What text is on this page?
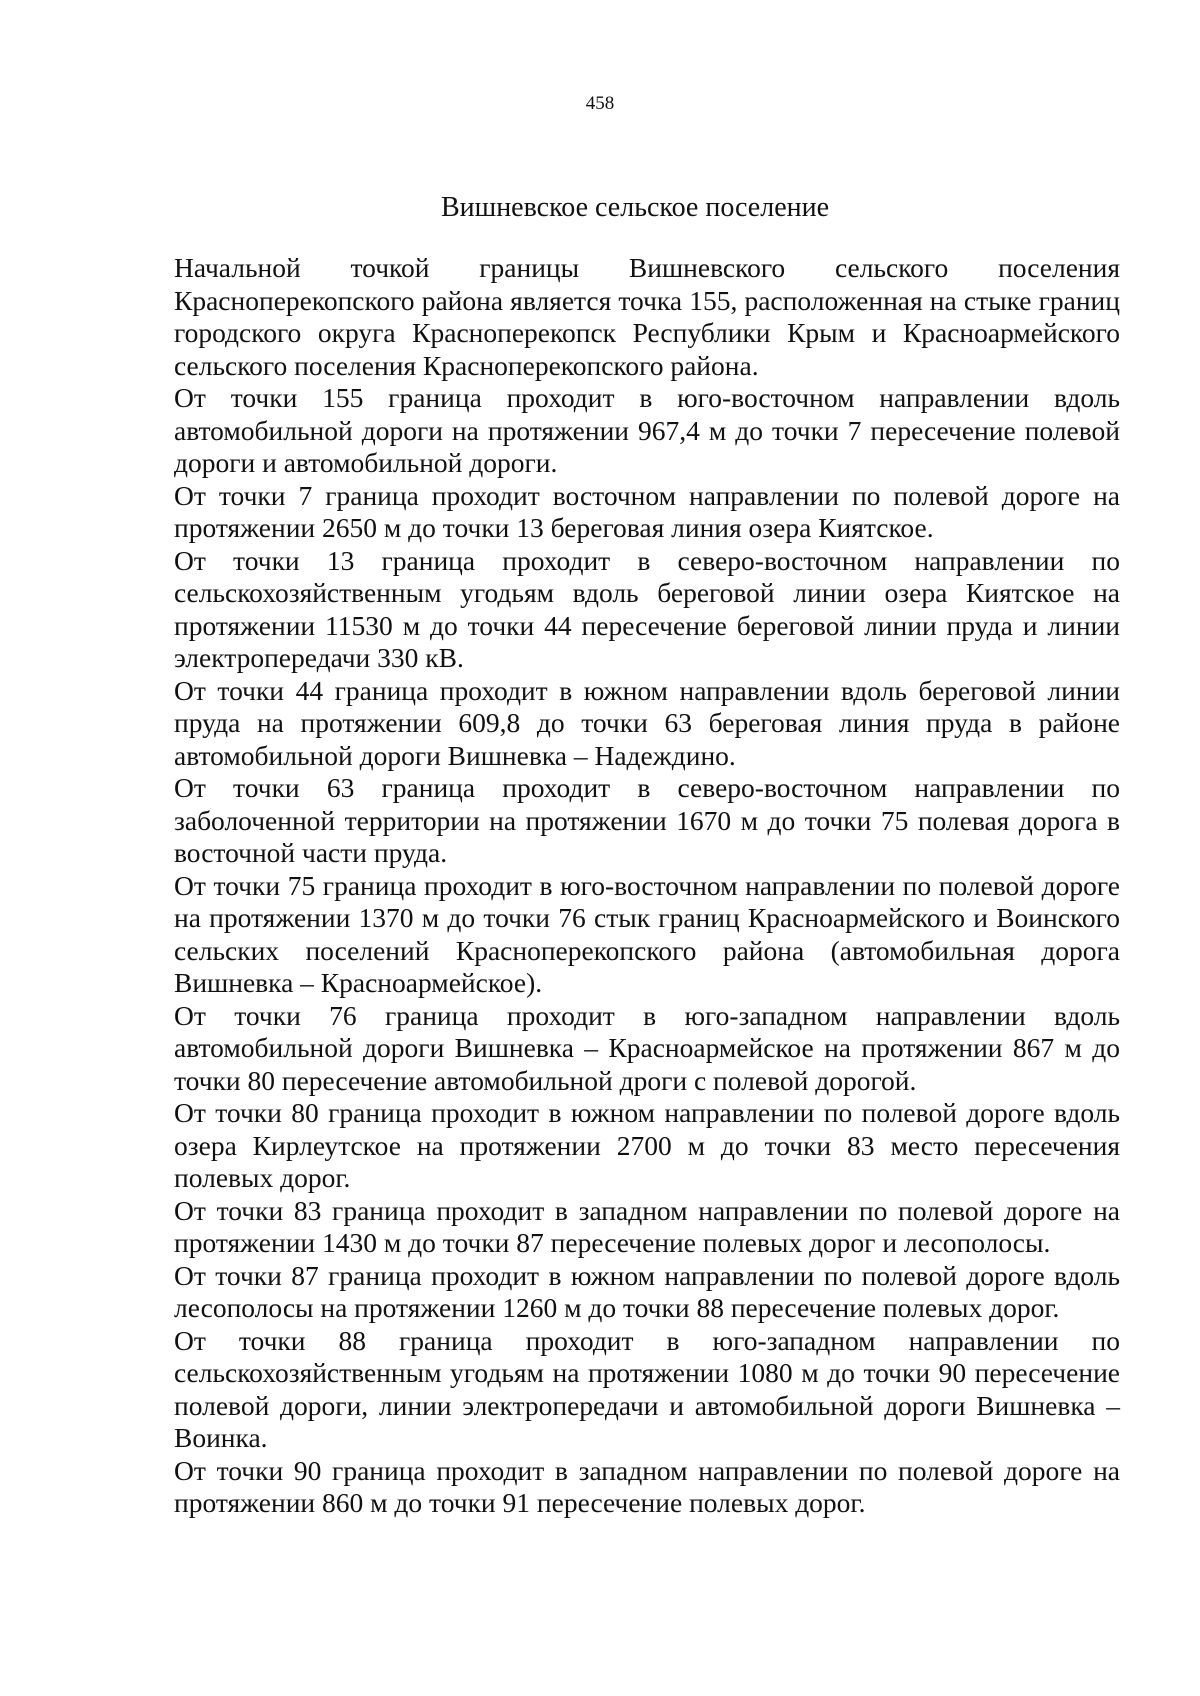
458
Вишневское сельское поселение

Начальной точкой границы Вишневского сельского поселения Красноперекопского района является точка 155, расположенная на стыке границ городского округа Красноперекопск Республики Крым и Красноармейского сельского поселения Красноперекопского района.

От точки 155 граница проходит в юго-восточном направлении вдоль автомобильной дороги на протяжении 967,4 м до точки 7 пересечение полевой дороги и автомобильной дороги.

От точки 7 граница проходит восточном направлении по полевой дороге на протяжении 2650 м до точки 13 береговая линия озера Киятское.

От точки 13 граница проходит в северо-восточном направлении по сельскохозяйственным угодьям вдоль береговой линии озера Киятское на протяжении 11530 м до точки 44 пересечение береговой линии пруда и линии электропередачи 330 кВ.

От точки 44 граница проходит в южном направлении вдоль береговой линии пруда на протяжении 609,8 до точки 63 береговая линия пруда в районе автомобильной дороги Вишневка – Надеждино.

От точки 63 граница проходит в северо-восточном направлении по заболоченной территории на протяжении 1670 м до точки 75 полевая дорога в восточной части пруда.

От точки 75 граница проходит в юго-восточном направлении по полевой дороге на протяжении 1370 м до точки 76 стык границ Красноармейского и Воинского сельских поселений Красноперекопского района (автомобильная дорога Вишневка – Красноармейское).

От точки 76 граница проходит в юго-западном направлении вдоль автомобильной дороги Вишневка – Красноармейское на протяжении 867 м до точки 80 пересечение автомобильной дроги с полевой дорогой.

От точки 80 граница проходит в южном направлении по полевой дороге вдоль озера Кирлеутское на протяжении 2700 м до точки 83 место пересечения полевых дорог.

От точки 83 граница проходит в западном направлении по полевой дороге на протяжении 1430 м до точки 87 пересечение полевых дорог и лесополосы.

От точки 87 граница проходит в южном направлении по полевой дороге вдоль лесополосы на протяжении 1260 м до точки 88 пересечение полевых дорог.

От точки 88 граница проходит в юго-западном направлении по сельскохозяйственным угодьям на протяжении 1080 м до точки 90 пересечение полевой дороги, линии электропередачи и автомобильной дороги Вишневка – Воинка.

От точки 90 граница проходит в западном направлении по полевой дороге на протяжении 860 м до точки 91 пересечение полевых дорог.
